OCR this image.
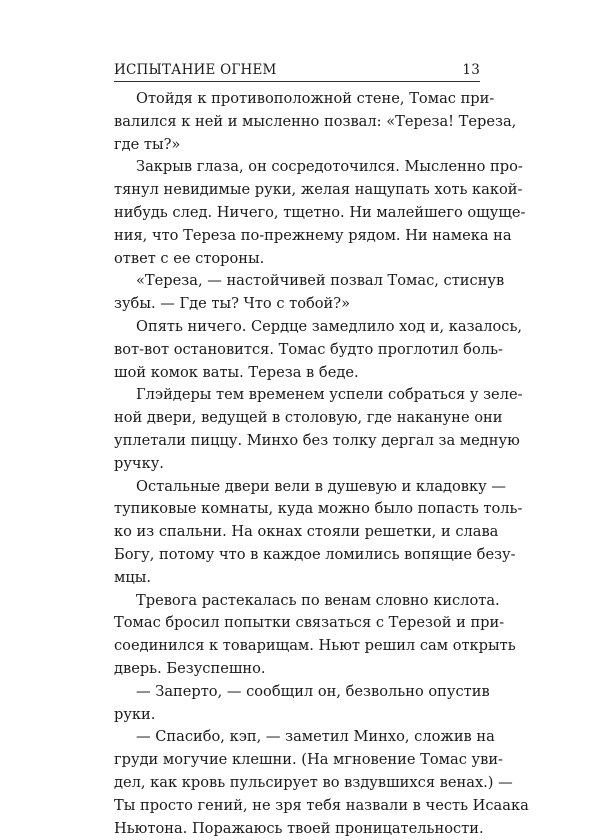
ИСПЫТАНИЕ ОГНЕМ	13

Отойдя к противоположной стене, Томас при-
валился к ней и мысленно позвал: «Тереза! Тереза,
где ты?»

Закрыв глаза, он сосредоточился. Мысленно про-
тянул невидимые руки, желая нащупать хоть какой-
нибудь след. Ничего, тщетно. Ни малейшего ощуще-
ния, что Тереза по-прежнему рядом. Ни намека на
ответ с ее стороны.

«Тереза, — настойчивей позвал Томас, стиснув
зубы. — Где ты? Что с тобой?»

Опять ничего. Сердце замедлило ход и, казалось,
вот-вот остановится. Томас будто проглотил боль-
шой комок ваты. Тереза в беде.

Глэйдеры тем временем успели собраться у зеле-
ной двери, ведущей в столовую, где накануне они
уплетали пиццу. Минхо без толку дергал за медную
ручку.

Остальные двери вели в душевую и кладовку —
тупиковые комнаты, куда можно было попасть толь-
ко из спальни. На окнах стояли решетки, и слава
Богу, потому что в каждое ломились вопящие безу-
мцы.

Тревога растекалась по венам словно кислота.
Томас бросил попытки связаться с Терезой и при-
соединился к товарищам. Ньют решил сам открыть
дверь. Безуспешно.

— Заперто, — сообщил он, безвольно опустив
руки.

— Спасибо, кэп, — заметил Минхо, сложив на
груди могучие клешни. (На мгновение Томас уви-
дел, как кровь пульсирует во вздувшихся венах.) —
Ты просто гений, не зря тебя назвали в честь Исаака
Ньютона. Поражаюсь твоей проницательности.
